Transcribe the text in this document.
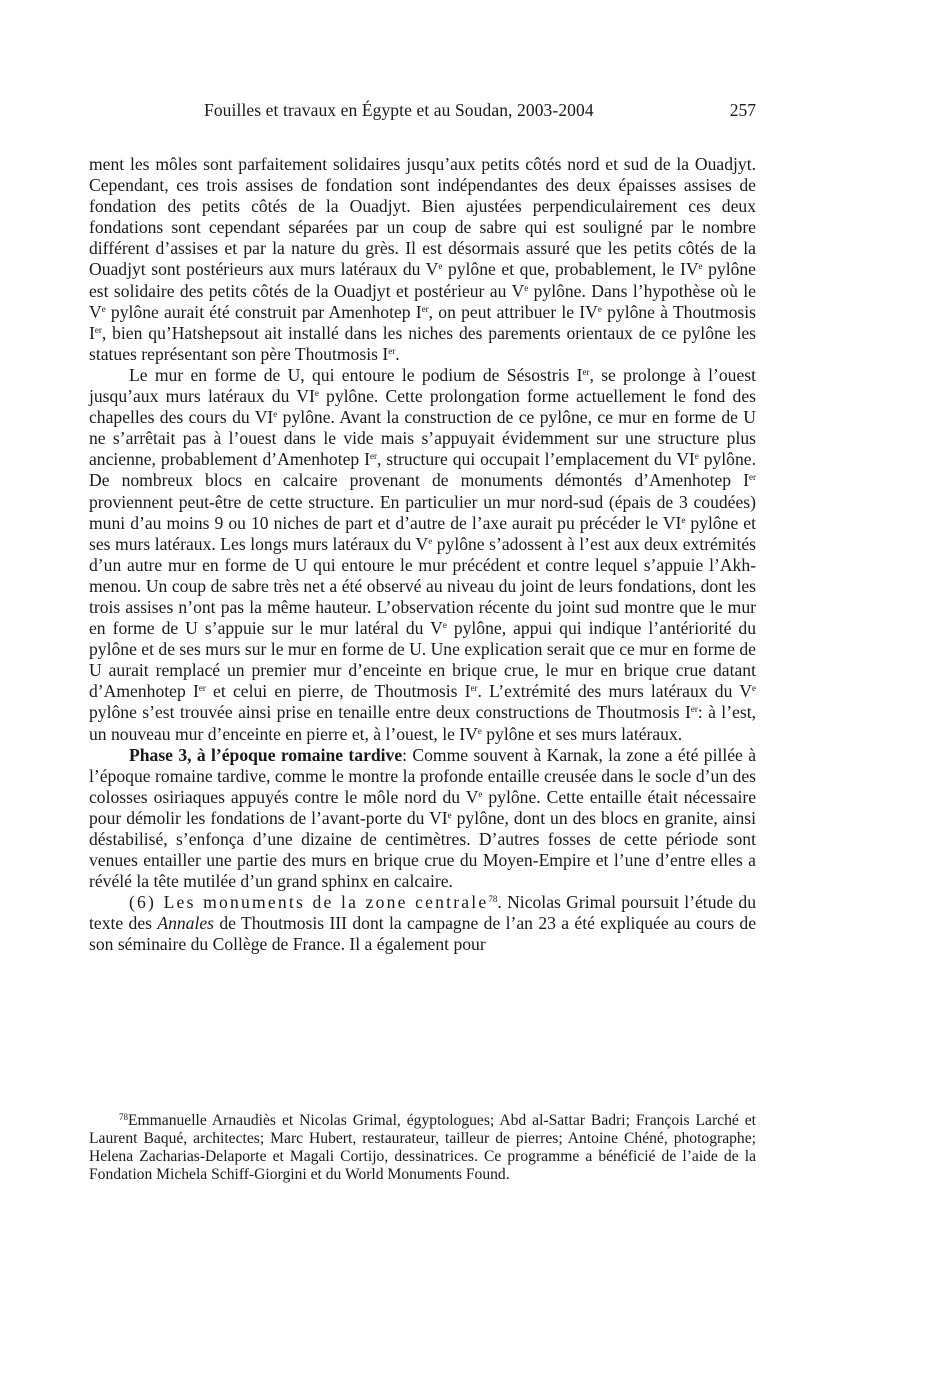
Fouilles et travaux en Égypte et au Soudan, 2003-2004	257

ment les môles sont parfaitement solidaires jusqu’aux petits côtés nord et sud de la Ouadjyt. Cependant, ces trois assises de fondation sont indépendantes des deux épaisses assises de fondation des petits côtés de la Ouadjyt. Bien ajustées perpendiculairement ces deux fondations sont cependant séparées par un coup de sabre qui est souligné par le nombre différent d’assises et par la nature du grès. Il est désormais assuré que les petits côtés de la Ouadjyt sont postérieurs aux murs latéraux du Ve pylône et que, probablement, le IVe pylône est solidaire des petits côtés de la Ouadjyt et postérieur au Ve pylône. Dans l’hypothèse où le Ve pylône aurait été construit par Amenhotep Ier, on peut attribuer le IVe pylône à Thoutmosis Ier, bien qu’Hatshepsout ait installé dans les niches des parements orientaux de ce pylône les statues représentant son père Thoutmosis Ier.

Le mur en forme de U, qui entoure le podium de Sésostris Ier, se prolonge à l’ouest jusqu’aux murs latéraux du VIe pylône. Cette prolongation forme actuellement le fond des chapelles des cours du VIe pylône. Avant la construction de ce pylône, ce mur en forme de U ne s’arrêtait pas à l’ouest dans le vide mais s’appuyait évidemment sur une structure plus ancienne, probablement d’Amenhotep Ier, structure qui occupait l’emplacement du VIe pylône. De nombreux blocs en calcaire provenant de monuments démontés d’Amenhotep Ier proviennent peut-être de cette structure. En particulier un mur nord-sud (épais de 3 coudées) muni d’au moins 9 ou 10 niches de part et d’autre de l’axe aurait pu précéder le VIe pylône et ses murs latéraux. Les longs murs latéraux du Ve pylône s’adossent à l’est aux deux extrémités d’un autre mur en forme de U qui entoure le mur précédent et contre lequel s’appuie l’Akh-menou. Un coup de sabre très net a été observé au niveau du joint de leurs fondations, dont les trois assises n’ont pas la même hauteur. L’observation récente du joint sud montre que le mur en forme de U s’appuie sur le mur latéral du Ve pylône, appui qui indique l’antériorité du pylône et de ses murs sur le mur en forme de U. Une explication serait que ce mur en forme de U aurait remplacé un premier mur d’enceinte en brique crue, le mur en brique crue datant d’Amenhotep Ier et celui en pierre, de Thoutmosis Ier. L’extrémité des murs latéraux du Ve pylône s’est trouvée ainsi prise en tenaille entre deux constructions de Thoutmosis Ier: à l’est, un nouveau mur d’enceinte en pierre et, à l’ouest, le IVe pylône et ses murs latéraux.

Phase 3, à l’époque romaine tardive: Comme souvent à Karnak, la zone a été pillée à l’époque romaine tardive, comme le montre la profonde entaille creusée dans le socle d’un des colosses osiriaques appuyés contre le môle nord du Ve pylône. Cette entaille était nécessaire pour démolir les fondations de l’avant-porte du VIe pylône, dont un des blocs en granite, ainsi déstabilisé, s’enfonça d’une dizaine de centimètres. D’autres fosses de cette période sont venues entailler une partie des murs en brique crue du Moyen-Empire et l’une d’entre elles a révélé la tête mutilée d’un grand sphinx en calcaire.

(6) Les monuments de la zone centrale$^{78}$. Nicolas Grimal poursuit l’étude du texte des Annales de Thoutmosis III dont la campagne de l’an 23 a été expliquée au cours de son séminaire du Collège de France. Il a également pour

$^{78}$Emmanuelle Arnaudiès et Nicolas Grimal, égyptologues; Abd al-Sattar Badri; François Larché et Laurent Baqué, architectes; Marc Hubert, restaurateur, tailleur de pierres; Antoine Chéné, photographe; Helena Zacharias-Delaporte et Magali Cortijo, dessinatrices. Ce programme a bénéficié de l’aide de la Fondation Michela Schiff-Giorgini et du World Monuments Found.
